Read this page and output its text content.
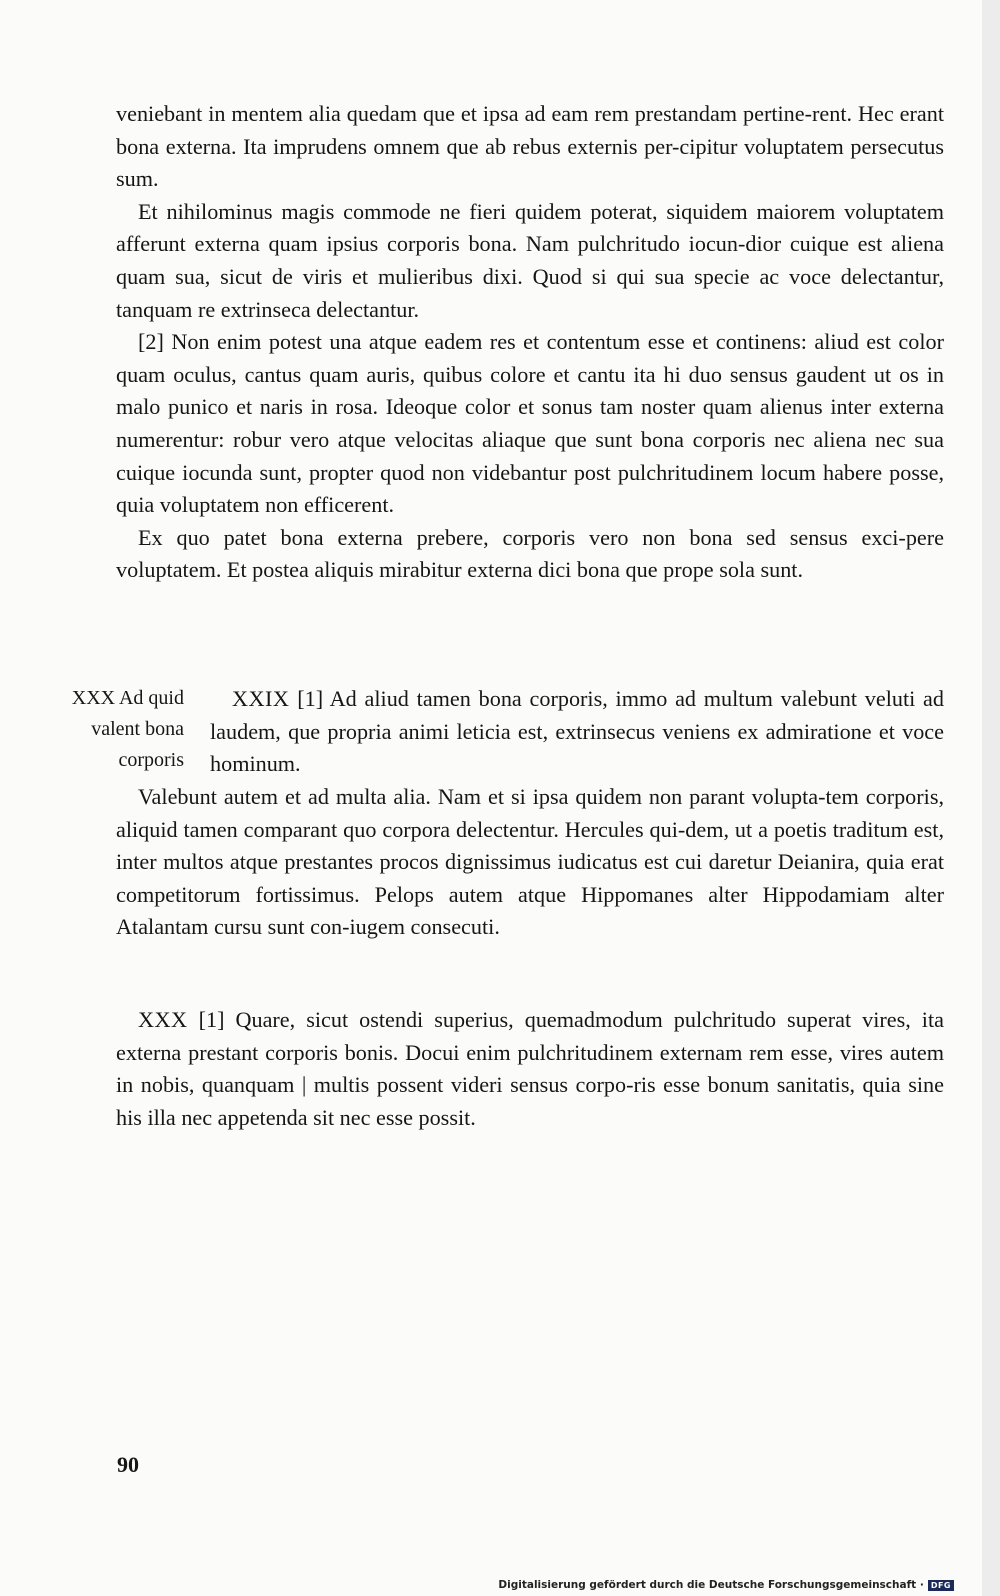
veniebant in mentem alia quedam que et ipsa ad eam rem prestandam pertine-rent. Hec erant bona externa. Ita imprudens omnem que ab rebus externis per-cipitur voluptatem persecutus sum.

Et nihilominus magis commode ne fieri quidem poterat, siquidem maiorem voluptatem afferunt externa quam ipsius corporis bona. Nam pulchritudo iocun-dior cuique est aliena quam sua, sicut de viris et mulieribus dixi. Quod si qui sua specie ac voce delectantur, tanquam re extrinseca delectantur.

[2] Non enim potest una atque eadem res et contentum esse et continens: aliud est color quam oculus, cantus quam auris, quibus colore et cantu ita hi duo sensus gaudent ut os in malo punico et naris in rosa. Ideoque color et sonus tam noster quam alienus inter externa numerentur: robur vero atque velocitas aliaque que sunt bona corporis nec aliena nec sua cuique iocunda sunt, propter quod non videbantur post pulchritudinem locum habere posse, quia voluptatem non efficerent.

Ex quo patet bona externa prebere, corporis vero non bona sed sensus exci-pere voluptatem. Et postea aliquis mirabitur externa dici bona que prope sola sunt.

XXX Ad quid
valent bona
corporis

XXIX [1] Ad aliud tamen bona corporis, immo ad multum valebunt veluti ad laudem, que propria animi leticia est, extrinsecus veniens ex admiratione et voce hominum.

Valebunt autem et ad multa alia. Nam et si ipsa quidem non parant volupta-tem corporis, aliquid tamen comparant quo corpora delectentur. Hercules qui-dem, ut a poetis traditum est, inter multos atque prestantes procos dignissimus iudicatus est cui daretur Deianira, quia erat competitorum fortissimus. Pelops autem atque Hippomanes alter Hippodamiam alter Atalantam cursu sunt con-iugem consecuti.

XXX [1] Quare, sicut ostendi superius, quemadmodum pulchritudo superat vires, ita externa prestant corporis bonis. Docui enim pulchritudinem externam rem esse, vires autem in nobis, quanquam | multis possent videri sensus corpo-ris esse bonum sanitatis, quia sine his illa nec appetenda sit nec esse possit.

90
Digitalisierung gefördert durch die Deutsche Forschungsgemeinschaft · DFG
